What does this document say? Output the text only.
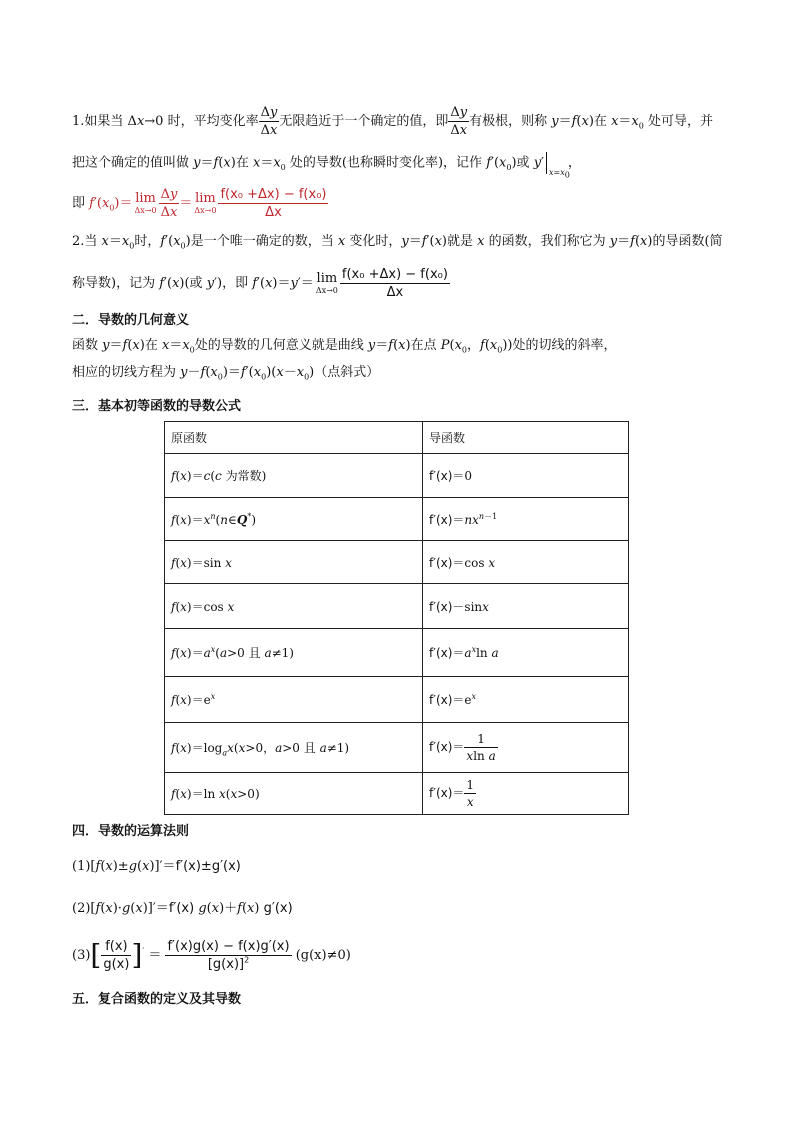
1.如果当 Δx→0 时，平均变化率 $\frac{\Delta y}{\Delta x}$ 无限趋近于一个确定的值，即 $\frac{\Delta y}{\Delta x}$ 有极根，则称 y＝f(x)在 $x=x_0$ 处可导，并
把这个确定的值叫做 y＝f(x)在 $x=x_0$ 处的导数(也称瞬时变化率)，记作 $f'(x_0)$或 $y'_{x=x_0}$，
即 $f'(x_0)= \lim$
$\Delta x\to 0 \frac{\Delta y}{\Delta x} = \lim$
$\Delta x\to 0 \frac{\text{f(x₀ +Δx) − f(x₀)}}{\Delta x}$
2.当 $x=x_0$时，$f'(x_0)$是一个唯一确定的数，当 x 变化时，y＝f′(x)就是 x 的函数，我们称它为 y＝f(x)的导函数(简
称导数)，记为 f′(x)(或 y′)，即 f′(x)＝y′＝ lim
$\Delta x\to 0 \frac{\text{f(x₀ +Δx) − f(x₀)}}{\Delta x}$
二．导数的几何意义
函数 y＝f(x)在 $x=x_0$处的导数的几何意义就是曲线 y＝f(x)在点 $P(x_0$，$f(x_0)$)处的切线的斜率，
相应的切线方程为 $y-f(x_0)=f'(x_0)(x-x_0)$（点斜式）
三．基本初等函数的导数公式
原函数	导函数
f(x)＝c(c 为常数)	f′(x)＝0
$f(x)=x^n(n\in Q^*)$	$f'(x)=nx^{n-1}$
f(x)＝sin x	f′(x)＝cos x
f(x)＝cos x	f′(x)－sinx
$f(x)=a^x(a>0$ 且 a≠1)	$f'(x)=a^x\ln$ a
$f(x)=e^x$	$f'(x)=e^x$
$f(x)=\log_ax(x>0$，a>0 且 a≠1)	$f'(x)= \frac{1}{\text{xln a}}$

f(x)＝ln x(x>0)	$f'(x)= \frac{1}{x}$
四．导数的运算法则
(1)[f(x)±g(x)]′＝f′(x)±g′(x)
(2)[f(x)·g(x)]′＝f′(x) g(x)＋f(x) g′(x)
$(3)[ \frac{f(x)}{g(x)} ]' = \frac{f'(x)g(x) - f(x)g'(x)}{[g(x)]^2} (g(x)\ne 0)$
五．复合函数的定义及其导数
